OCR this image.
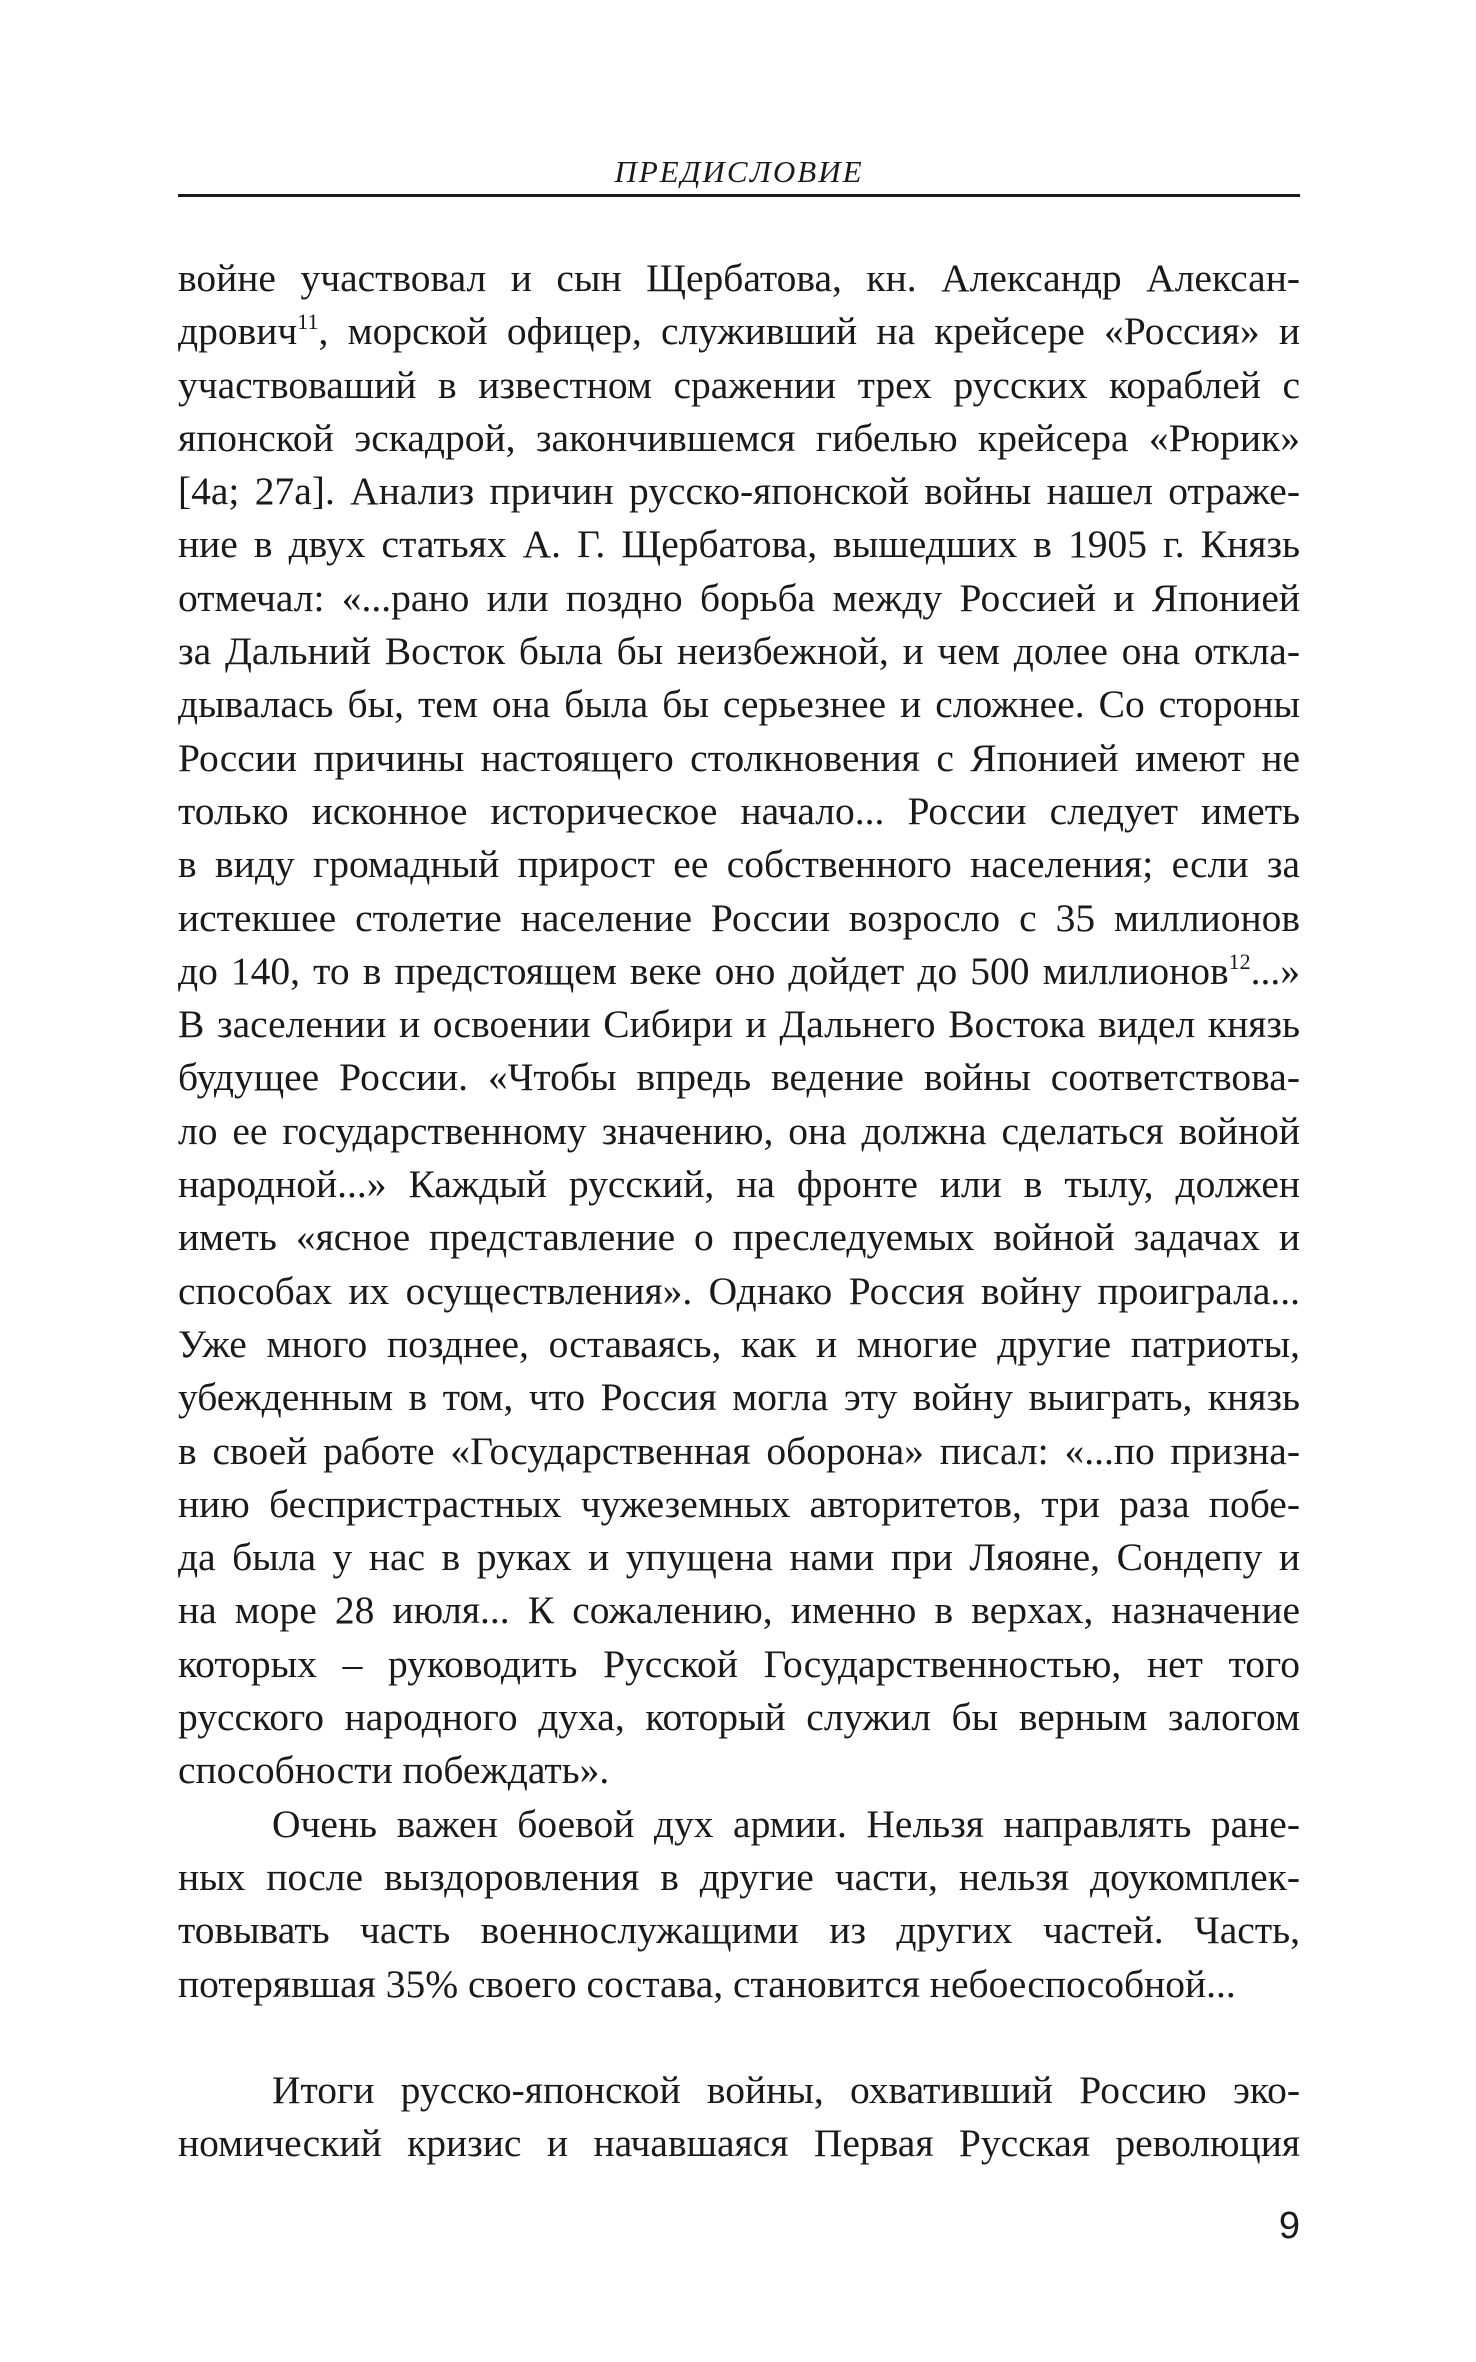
ПРЕДИСЛОВИЕ
войне участвовал и сын Щербатова, кн. Александр Алексан-
дрович$^{11}$, морской офицер, служивший на крейсере «Россия» и
участвоваший в известном сражении трех русских кораблей с
японской эскадрой, закончившемся гибелью крейсера «Рюрик»
[4а; 27а]. Анализ причин русско-японской войны нашел отраже-
ние в двух статьях А. Г. Щербатова, вышедших в 1905 г. Князь
отмечал: «...рано или поздно борьба между Россией и Японией
за Дальний Восток была бы неизбежной, и чем долее она откла-
дывалась бы, тем она была бы серьезнее и сложнее. Со стороны
России причины настоящего столкновения с Японией имеют не
только исконное историческое начало... России следует иметь
в виду громадный прирост ее собственного населения; если за
истекшее столетие население России возросло с 35 миллионов
до 140, то в предстоящем веке оно дойдет до 500 миллионов$^{12}$...»
В заселении и освоении Сибири и Дальнего Востока видел князь
будущее России. «Чтобы впредь ведение войны соответствова-
ло ее государственному значению, она должна сделаться войной
народной...» Каждый русский, на фронте или в тылу, должен
иметь «ясное представление о преследуемых войной задачах и
способах их осуществления». Однако Россия войну проиграла...
Уже много позднее, оставаясь, как и многие другие патриоты,
убежденным в том, что Россия могла эту войну выиграть, князь
в своей работе «Государственная оборона» писал: «...по призна-
нию беспристрастных чужеземных авторитетов, три раза побе-
да была у нас в руках и упущена нами при Ляояне, Сондепу и
на море 28 июля... К сожалению, именно в верхах, назначение
которых – руководить Русской Государственностью, нет того
русского народного духа, который служил бы верным залогом
способности побеждать».
Очень важен боевой дух армии. Нельзя направлять ране-
ных после выздоровления в другие части, нельзя доукомплек-
товывать часть военнослужащими из других частей. Часть,
потерявшая 35% своего состава, становится небоеспособной...
Итоги русско-японской войны, охвативший Россию эко-
номический кризис и начавшаяся Первая Русская революция
9
